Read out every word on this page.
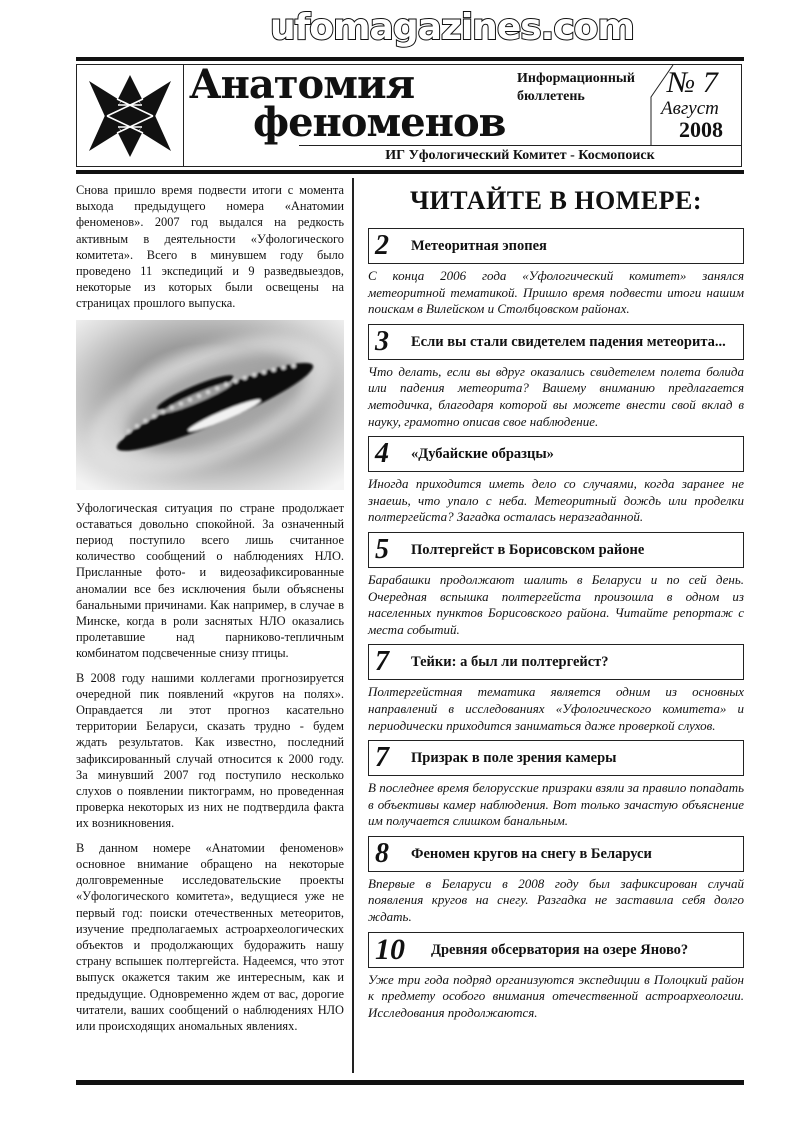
ufomagazines.com
Анатомия
феноменов
Информационный
бюллетень	№ 7
Август
2008
ИГ Уфологический Комитет - Космопоиск

Снова пришло время подвести итоги с момента выхода предыдущего номера «Анатомии феноменов». 2007 год выдался на редкость активным в деятельности «Уфологического комитета». Всего в минувшем году было проведено 11 экспедиций и 9 разведвыездов, некоторые из которых были освещены на страницах прошлого выпуска.

Уфологическая ситуация по стране продолжает оставаться довольно спокойной. За означенный период поступило всего лишь считанное количество сообщений о наблюдениях НЛО. Присланные фото- и видеозафиксированные аномалии все без исключения были объяснены банальными причинами. Как например, в случае в Минске, когда в роли заснятых НЛО оказались пролетавшие над парниково-тепличным комбинатом подсвеченные снизу птицы.

В 2008 году нашими коллегами прогнозируется очередной пик появлений «кругов на полях». Оправдается ли этот прогноз касательно территории Беларуси, сказать трудно - будем ждать результатов. Как известно, последний зафиксированный случай относится к 2000 году. За минувший 2007 год поступило несколько слухов о появлении пиктограмм, но проведенная проверка некоторых из них не подтвердила факта их возникновения.

В данном номере «Анатомии феноменов» основное внимание обращено на некоторые долговременные исследовательские проекты «Уфологического комитета», ведущиеся уже не первый год: поиски отечественных метеоритов, изучение предполагаемых астроархеологических объектов и продолжающих будоражить нашу страну вспышек полтергейста. Надеемся, что этот выпуск окажется таким же интересным, как и предыдущие. Одновременно ждем от вас, дорогие читатели, ваших сообщений о наблюдениях НЛО или происходящих аномальных явлениях.

ЧИТАЙТЕ В НОМЕРЕ:
2	Метеоритная эпопея

С конца 2006 года «Уфологический комитет» занялся метеоритной тематикой. Пришло время подвести итоги нашим поискам в Вилейском и Столбцовском районах.

3	Если вы стали свидетелем падения метеорита...

Что делать, если вы вдруг оказались свидетелем полета болида или падения метеорита? Вашему вниманию предлагается методичка, благодаря которой вы можете внести свой вклад в науку, грамотно описав свое наблюдение.

4	«Дубайские образцы»

Иногда приходится иметь дело со случаями, когда заранее не знаешь, что упало с неба. Метеоритный дождь или проделки полтергейста? Загадка осталась неразгаданной.

5	Полтергейст в Борисовском районе

Барабашки продолжают шалить в Беларуси и по сей день. Очередная вспышка полтергейста произошла в одном из населенных пунктов Борисовского района. Читайте репортаж с места событий.

7	Тейки: а был ли полтергейст?

Полтергейстная тематика является одним из основных направлений в исследованиях «Уфологического комитета» и периодически приходится заниматься даже проверкой слухов.

7	Призрак в поле зрения камеры

В последнее время белорусские призраки взяли за правило попадать в объективы камер наблюдения. Вот только зачастую объяснение им получается слишком банальным.

8	Феномен кругов на снегу в Беларуси

Впервые в Беларуси в 2008 году был зафиксирован случай появления кругов на снегу. Разгадка не заставила себя долго ждать.

10	Древняя обсерватория на озере Яново?

Уже три года подряд организуются экспедиции в Полоцкий район к предмету особого внимания отечественной астроархеологии. Исследования продолжаются.
